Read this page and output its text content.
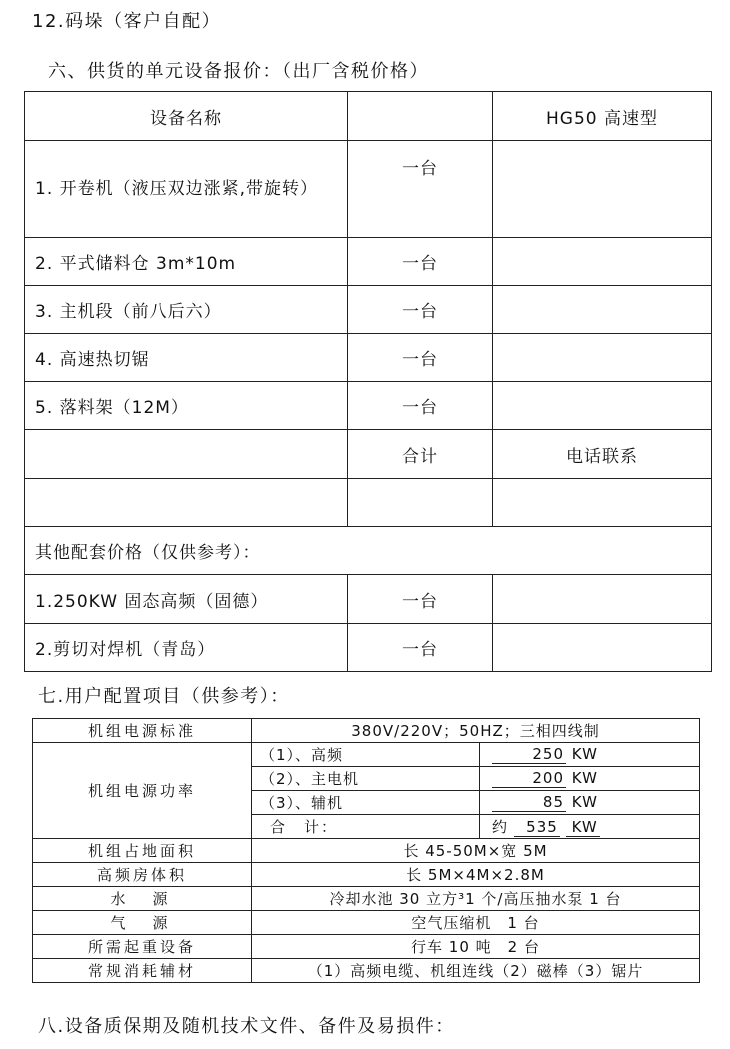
12.码垛（客户自配）
六、供货的单元设备报价：（出厂含税价格）
设备名称		HG50 高速型
1. 开卷机（液压双边涨紧,带旋转）	一台	
2. 平式储料仓 3m*10m	一台	
3. 主机段（前八后六）	一台	
4. 高速热切锯	一台	
5. 落料架（12M）	一台	
	合计	电话联系

其他配套价格（仅供参考）：		
1.250KW 固态高频（固德）	一台	
2.剪切对焊机（青岛）	一台	
七.用户配置项目（供参考）：
机组电源标准	380V/220V；50HZ；三相四线制	
机组电源功率	（1）、高频	250 KW
	（2）、主电机	200 KW
	（3）、辅机	85 KW
	合　计：	约 535 KW
机组占地面积	长 45-50M×宽 5M	
高频房体积	长 5M×4M×2.8M	
水　源	冷却水池 30 立方³1 个/高压抽水泵 1 台	
气　源	空气压缩机　1 台	
所需起重设备	行车 10 吨　2 台	
常规消耗辅材	（1）高频电缆、机组连线（2）磁棒（3）锯片	
八.设备质保期及随机技术文件、备件及易损件：
